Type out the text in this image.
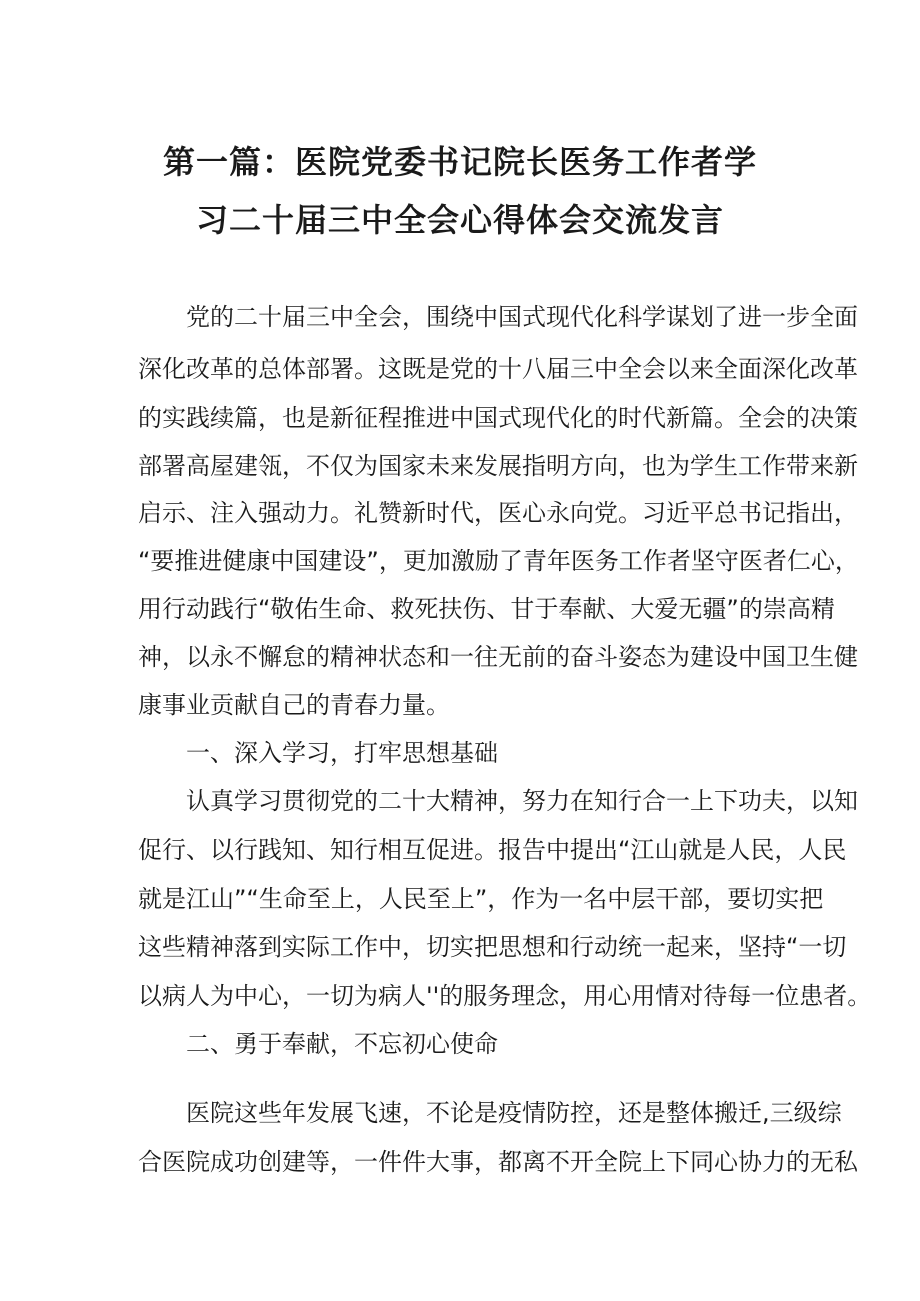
第一篇：医院党委书记院长医务工作者学
习二十届三中全会心得体会交流发言

党的二十届三中全会，围绕中国式现代化科学谋划了进一步全面

深化改革的总体部署。这既是党的十八届三中全会以来全面深化改革

的实践续篇，也是新征程推进中国式现代化的时代新篇。全会的决策

部署高屋建瓴，不仅为国家未来发展指明方向，也为学生工作带来新

启示、注入强动力。礼赞新时代，医心永向党。习近平总书记指出，

“要推进健康中国建设”，更加激励了青年医务工作者坚守医者仁心，

用行动践行“敬佑生命、救死扶伤、甘于奉献、大爱无疆”的崇高精

神，以永不懈怠的精神状态和一往无前的奋斗姿态为建设中国卫生健

康事业贡献自己的青春力量。

一、深入学习，打牢思想基础

认真学习贯彻党的二十大精神，努力在知行合一上下功夫，以知

促行、以行践知、知行相互促进。报告中提出“江山就是人民，人民

就是江山”“生命至上，人民至上”，作为一名中层干部，要切实把

这些精神落到实际工作中，切实把思想和行动统一起来，坚持“一切

以病人为中心，一切为病人''的服务理念，用心用情对待每一位患者。

二、勇于奉献，不忘初心使命

医院这些年发展飞速，不论是疫情防控，还是整体搬迁,三级综

合医院成功创建等，一件件大事，都离不开全院上下同心协力的无私
